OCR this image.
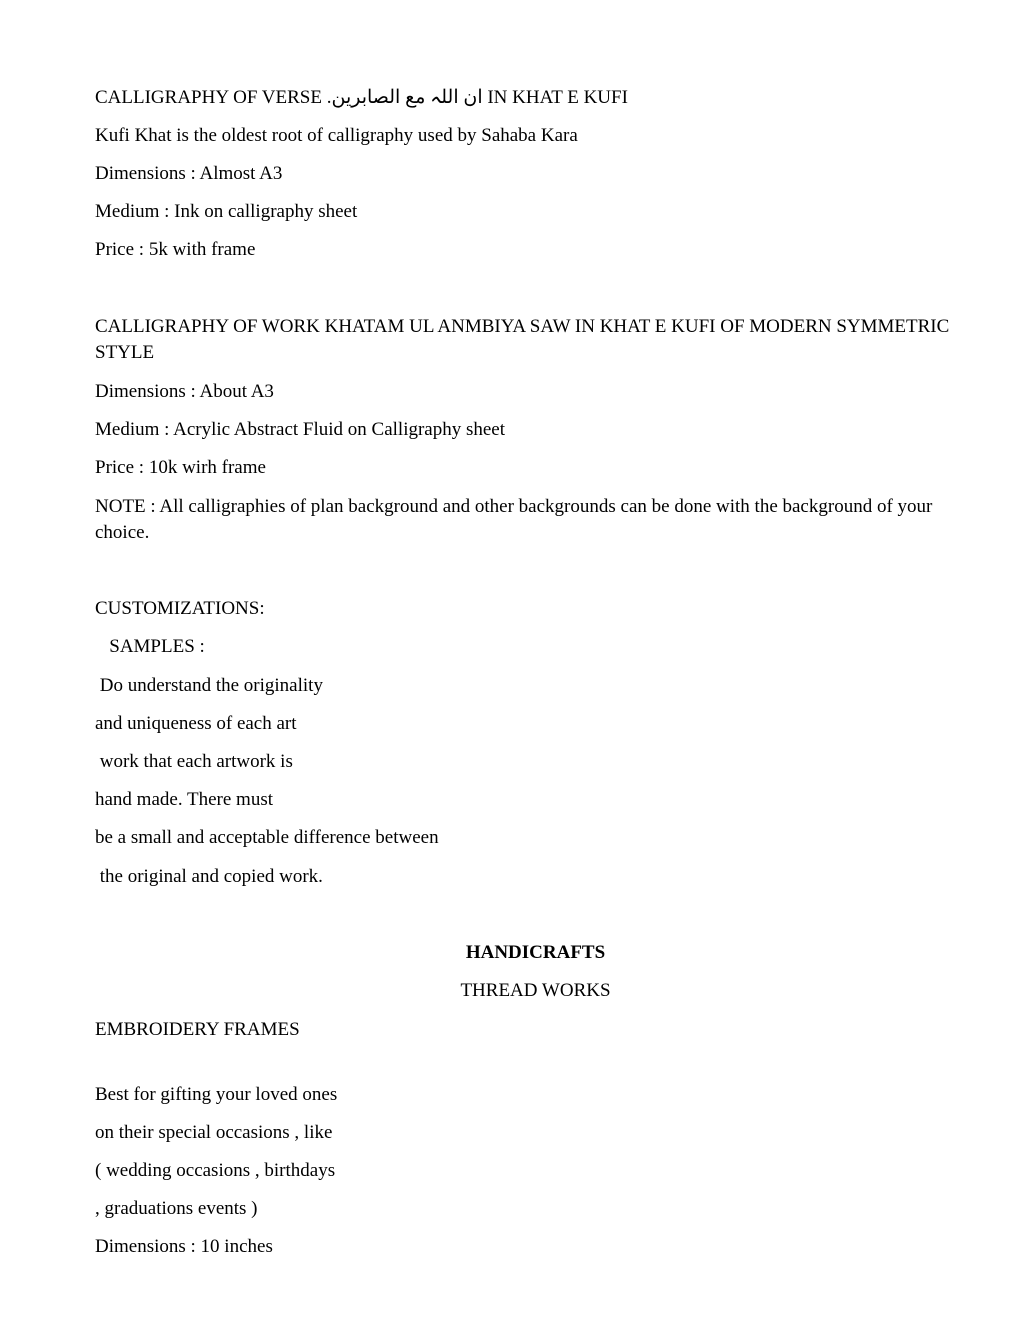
CALLIGRAPHY OF VERSE ان اللہ مع الصابرین. IN KHAT E KUFI
Kufi Khat is the oldest root of calligraphy used by Sahaba Kara
Dimensions : Almost A3
Medium : Ink on calligraphy sheet
Price : 5k with frame
CALLIGRAPHY OF WORK KHATAM UL ANMBIYA SAW IN KHAT E KUFI OF MODERN SYMMETRIC STYLE
Dimensions : About A3
Medium : Acrylic Abstract Fluid on Calligraphy sheet
Price : 10k wirh frame
NOTE : All calligraphies of plan background and other backgrounds can be done with the background of your choice.
CUSTOMIZATIONS:
SAMPLES :
Do understand the originality
and uniqueness of each art
work that each artwork is
hand made. There must
be a small and acceptable difference between
the original and copied work.
HANDICRAFTS
THREAD WORKS
EMBROIDERY FRAMES
Best for gifting your loved ones
on their special occasions , like
( wedding occasions , birthdays
, graduations events )
Dimensions : 10 inches
